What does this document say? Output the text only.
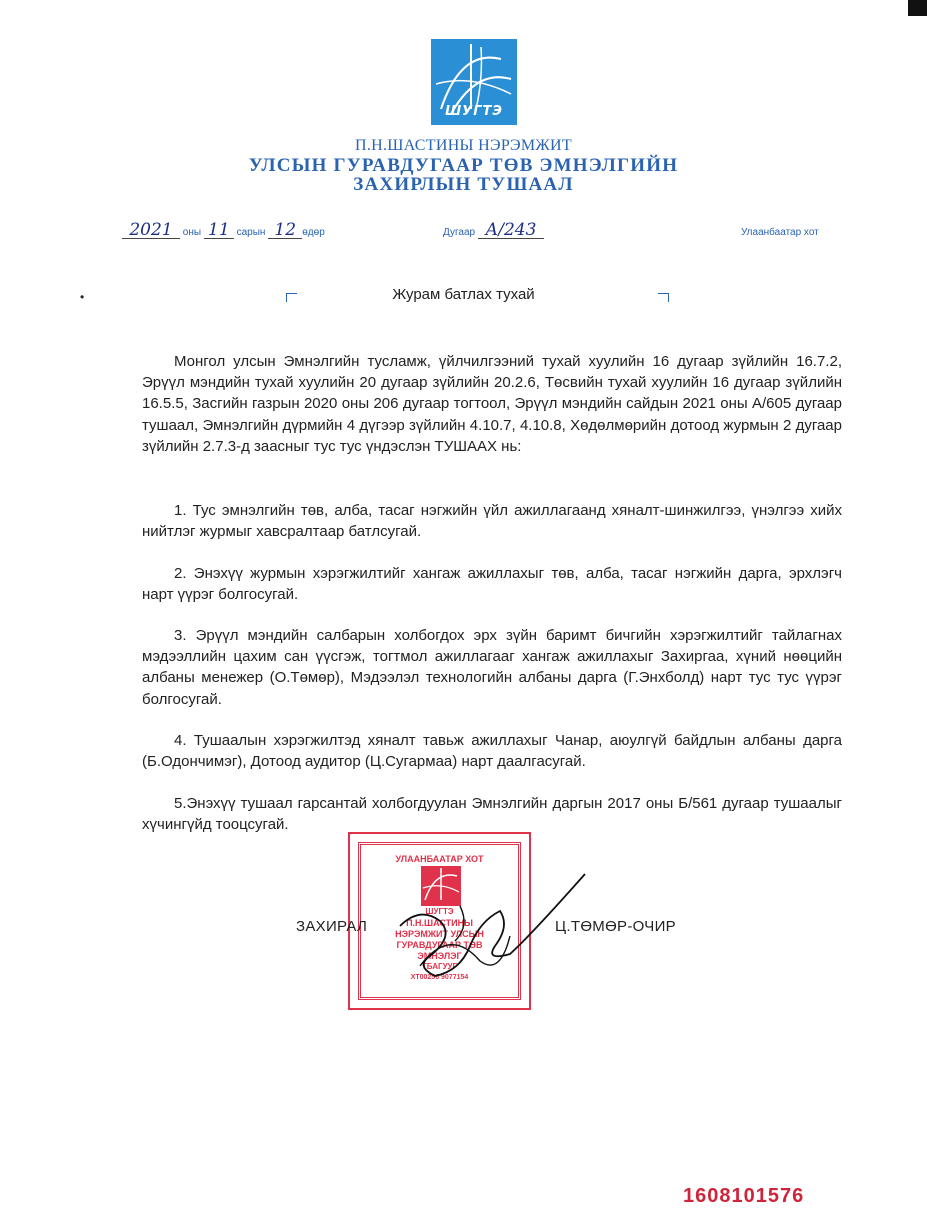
•
ШУГТЭ
П.Н.ШАСТИНЫ НЭРЭМЖИТ
УЛСЫН ГУРАВДУГААР ТӨВ ЭМНЭЛГИЙН
ЗАХИРЛЫН ТУШААЛ
2021 оны 11 сарын 12 өдөр	Дугаар А/243	Улаанбаатар хот
Журам батлах тухай

Монгол улсын Эмнэлгийн тусламж, үйлчилгээний тухай хуулийн 16 дугаар зүйлийн 16.7.2, Эрүүл мэндийн тухай хуулийн 20 дугаар зүйлийн 20.2.6, Төсвийн тухай хуулийн 16 дугаар зүйлийн 16.5.5, Засгийн газрын 2020 оны 206 дугаар тогтоол, Эрүүл мэндийн сайдын 2021 оны А/605 дугаар тушаал, Эмнэлгийн дүрмийн 4 дүгээр зүйлийн 4.10.7, 4.10.8, Хөдөлмөрийн дотоод журмын 2 дугаар зүйлийн 2.7.3-д заасныг тус тус үндэслэн ТУШААХ нь:

1. Тус эмнэлгийн төв, алба, тасаг нэгжийн үйл ажиллагаанд хяналт-шинжилгээ, үнэлгээ хийх нийтлэг журмыг хавсралтаар батлсугай.

2. Энэхүү журмын хэрэгжилтийг хангаж ажиллахыг төв, алба, тасаг нэгжийн дарга, эрхлэгч нарт үүрэг болгосугай.

3. Эрүүл мэндийн салбарын холбогдох эрх зүйн баримт бичгийн хэрэгжилтийг тайлагнах мэдээллийн цахим сан үүсгэж, тогтмол ажиллагааг хангаж ажиллахыг Захиргаа, хүний нөөцийн албаны менежер (О.Төмөр), Мэдээлэл технологийн албаны дарга (Г.Энхболд) нарт тус тус үүрэг болгосугай.

4. Тушаалын хэрэгжилтэд хяналт тавьж ажиллахыг Чанар, аюулгүй байдлын албаны дарга (Б.Одончимэг), Дотоод аудитор (Ц.Сугармаа) нарт даалгасугай.

5.Энэхүү тушаал гарсантай холбогдуулан Эмнэлгийн даргын 2017 оны Б/561 дугаар тушаалыг хүчингүйд тооцсугай.

УЛААНБААТАР ХОТ
ШУГТЭ
П.Н.ШАСТИНЫ
НЭРЭМЖИТ УЛСЫН
ГУРАВДУГААР ТӨВ
ЭМНЭЛЭГ
ТБАГУУГ
ХТ00256 9077154
ЗАХИРАЛ	Ц.ТӨМӨР-ОЧИР
1608101576
